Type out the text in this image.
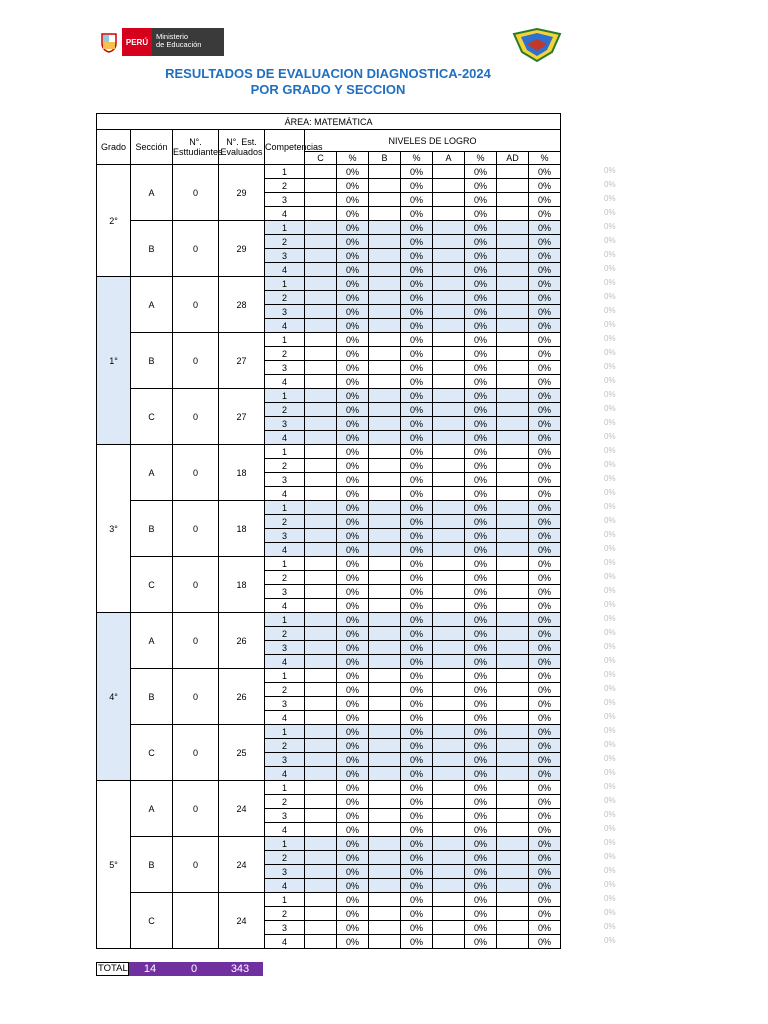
PERÚ
Ministerio
de Educación
RESULTADOS DE EVALUACION DIAGNOSTICA-2024
POR GRADO Y SECCION
ÁREA: MATEMÁTICA												
Grado	Sección	N°. Esttudiantes	N°. Est. Evaluados	Competencias	NIVELES DE LOGRO							
					C	%	B	%	A	%	AD	%
2°	A	0	29	1		0%		0%		0%		0%
				2		0%		0%		0%		0%
				3		0%		0%		0%		0%
				4		0%		0%		0%		0%
	B	0	29	1		0%		0%		0%		0%
				2		0%		0%		0%		0%
				3		0%		0%		0%		0%
				4		0%		0%		0%		0%
1°	A	0	28	1		0%		0%		0%		0%
				2		0%		0%		0%		0%
				3		0%		0%		0%		0%
				4		0%		0%		0%		0%
	B	0	27	1		0%		0%		0%		0%
				2		0%		0%		0%		0%
				3		0%		0%		0%		0%
				4		0%		0%		0%		0%
	C	0	27	1		0%		0%		0%		0%
				2		0%		0%		0%		0%
				3		0%		0%		0%		0%
				4		0%		0%		0%		0%
3°	A	0	18	1		0%		0%		0%		0%
				2		0%		0%		0%		0%
				3		0%		0%		0%		0%
				4		0%		0%		0%		0%
	B	0	18	1		0%		0%		0%		0%
				2		0%		0%		0%		0%
				3		0%		0%		0%		0%
				4		0%		0%		0%		0%
	C	0	18	1		0%		0%		0%		0%
				2		0%		0%		0%		0%
				3		0%		0%		0%		0%
				4		0%		0%		0%		0%
4°	A	0	26	1		0%		0%		0%		0%
				2		0%		0%		0%		0%
				3		0%		0%		0%		0%
				4		0%		0%		0%		0%
	B	0	26	1		0%		0%		0%		0%
				2		0%		0%		0%		0%
				3		0%		0%		0%		0%
				4		0%		0%		0%		0%
	C	0	25	1		0%		0%		0%		0%
				2		0%		0%		0%		0%
				3		0%		0%		0%		0%
				4		0%		0%		0%		0%
5°	A	0	24	1		0%		0%		0%		0%
				2		0%		0%		0%		0%
				3		0%		0%		0%		0%
				4		0%		0%		0%		0%
	B	0	24	1		0%		0%		0%		0%
				2		0%		0%		0%		0%
				3		0%		0%		0%		0%
				4		0%		0%		0%		0%
	C		24	1		0%		0%		0%		0%
				2		0%		0%		0%		0%
				3		0%		0%		0%		0%
				4		0%		0%		0%		0%
0%
0%
0%
0%
0%
0%
0%
0%
0%
0%
0%
0%
0%
0%
0%
0%
0%
0%
0%
0%
0%
0%
0%
0%
0%
0%
0%
0%
0%
0%
0%
0%
0%
0%
0%
0%
0%
0%
0%
0%
0%
0%
0%
0%
0%
0%
0%
0%
0%
0%
0%
0%
0%
0%
0%
0%
TOTAL	14	0	343
